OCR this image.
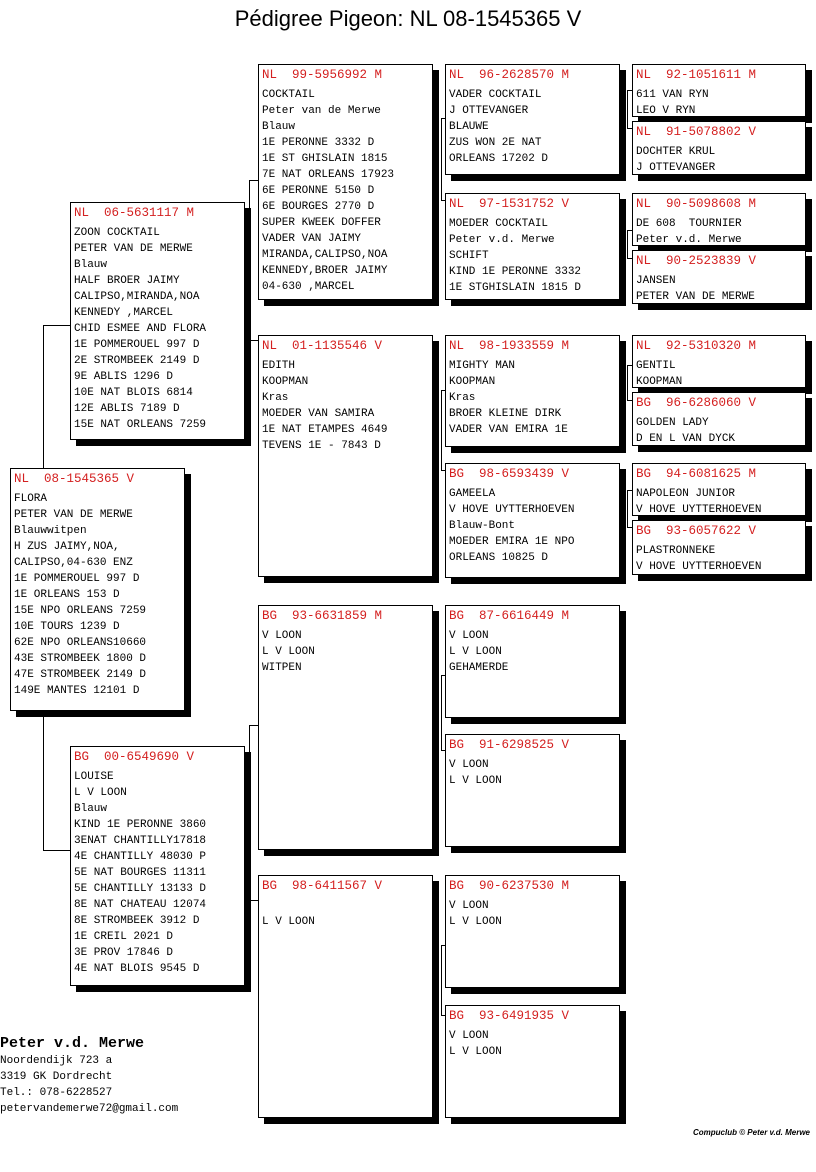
Pédigree Pigeon: NL 08-1545365 V
NL  08-1545365 V
FLORA
PETER VAN DE MERWE
Blauwwitpen
H ZUS JAIMY,NOA,
CALIPSO,04-630 ENZ
1E POMMEROUEL 997 D
1E ORLEANS 153 D
15E NPO ORLEANS 7259
10E TOURS 1239 D
62E NPO ORLEANS10660
43E STROMBEEK 1800 D
47E STROMBEEK 2149 D
149E MANTES 12101 D
NL  06-5631117 M
ZOON COCKTAIL
PETER VAN DE MERWE
Blauw
HALF BROER JAIMY
CALIPSO,MIRANDA,NOA
KENNEDY ,MARCEL
CHID ESMEE AND FLORA
1E POMMEROUEL 997 D
2E STROMBEEK 2149 D
9E ABLIS 1296 D
10E NAT BLOIS 6814
12E ABLIS 7189 D
15E NAT ORLEANS 7259
BG  00-6549690 V
LOUISE
L V LOON
Blauw
KIND 1E PERONNE 3860
3ENAT CHANTILLY17818
4E CHANTILLY 48030 P
5E NAT BOURGES 11311
5E CHANTILLY 13133 D
8E NAT CHATEAU 12074
8E STROMBEEK 3912 D
1E CREIL 2021 D
3E PROV 17846 D
4E NAT BLOIS 9545 D
NL  99-5956992 M
COCKTAIL
Peter van de Merwe
Blauw
1E PERONNE 3332 D
1E ST GHISLAIN 1815
7E NAT ORLEANS 17923
6E PERONNE 5150 D
6E BOURGES 2770 D
SUPER KWEEK DOFFER
VADER VAN JAIMY
MIRANDA,CALIPSO,NOA
KENNEDY,BROER JAIMY
04-630 ,MARCEL
NL  01-1135546 V
EDITH
KOOPMAN
Kras
MOEDER VAN SAMIRA
1E NAT ETAMPES 4649
TEVENS 1E - 7843 D
BG  93-6631859 M
V LOON
L V LOON
WITPEN
BG  98-6411567 V
L V LOON
NL  96-2628570 M
VADER COCKTAIL
J OTTEVANGER
BLAUWE
ZUS WON 2E NAT
ORLEANS 17202 D
NL  97-1531752 V
MOEDER COCKTAIL
Peter v.d. Merwe
SCHIFT
KIND 1E PERONNE 3332
1E STGHISLAIN 1815 D
NL  98-1933559 M
MIGHTY MAN
KOOPMAN
Kras
BROER KLEINE DIRK
VADER VAN EMIRA 1E
BG  98-6593439 V
GAMEELA
V HOVE UYTTERHOEVEN
Blauw-Bont
MOEDER EMIRA 1E NPO
ORLEANS 10825 D
BG  87-6616449 M
V LOON
L V LOON
GEHAMERDE
BG  91-6298525 V
V LOON
L V LOON
BG  90-6237530 M
V LOON
L V LOON
BG  93-6491935 V
V LOON
L V LOON
NL  92-1051611 M
611 VAN RYN
LEO V RYN
NL  91-5078802 V
DOCHTER KRUL
J OTTEVANGER
NL  90-5098608 M
DE 608  TOURNIER
Peter v.d. Merwe
NL  90-2523839 V
JANSEN
PETER VAN DE MERWE
NL  92-5310320 M
GENTIL
KOOPMAN
BG  96-6286060 V
GOLDEN LADY
D EN L VAN DYCK
BG  94-6081625 M
NAPOLEON JUNIOR
V HOVE UYTTERHOEVEN
BG  93-6057622 V
PLASTRONNEKE
V HOVE UYTTERHOEVEN
Peter v.d. Merwe
Noordendijk 723 a
3319 GK Dordrecht
Tel.: 078-6228527
petervandemerwe72@gmail.com
Compuclub © Peter v.d. Merwe
